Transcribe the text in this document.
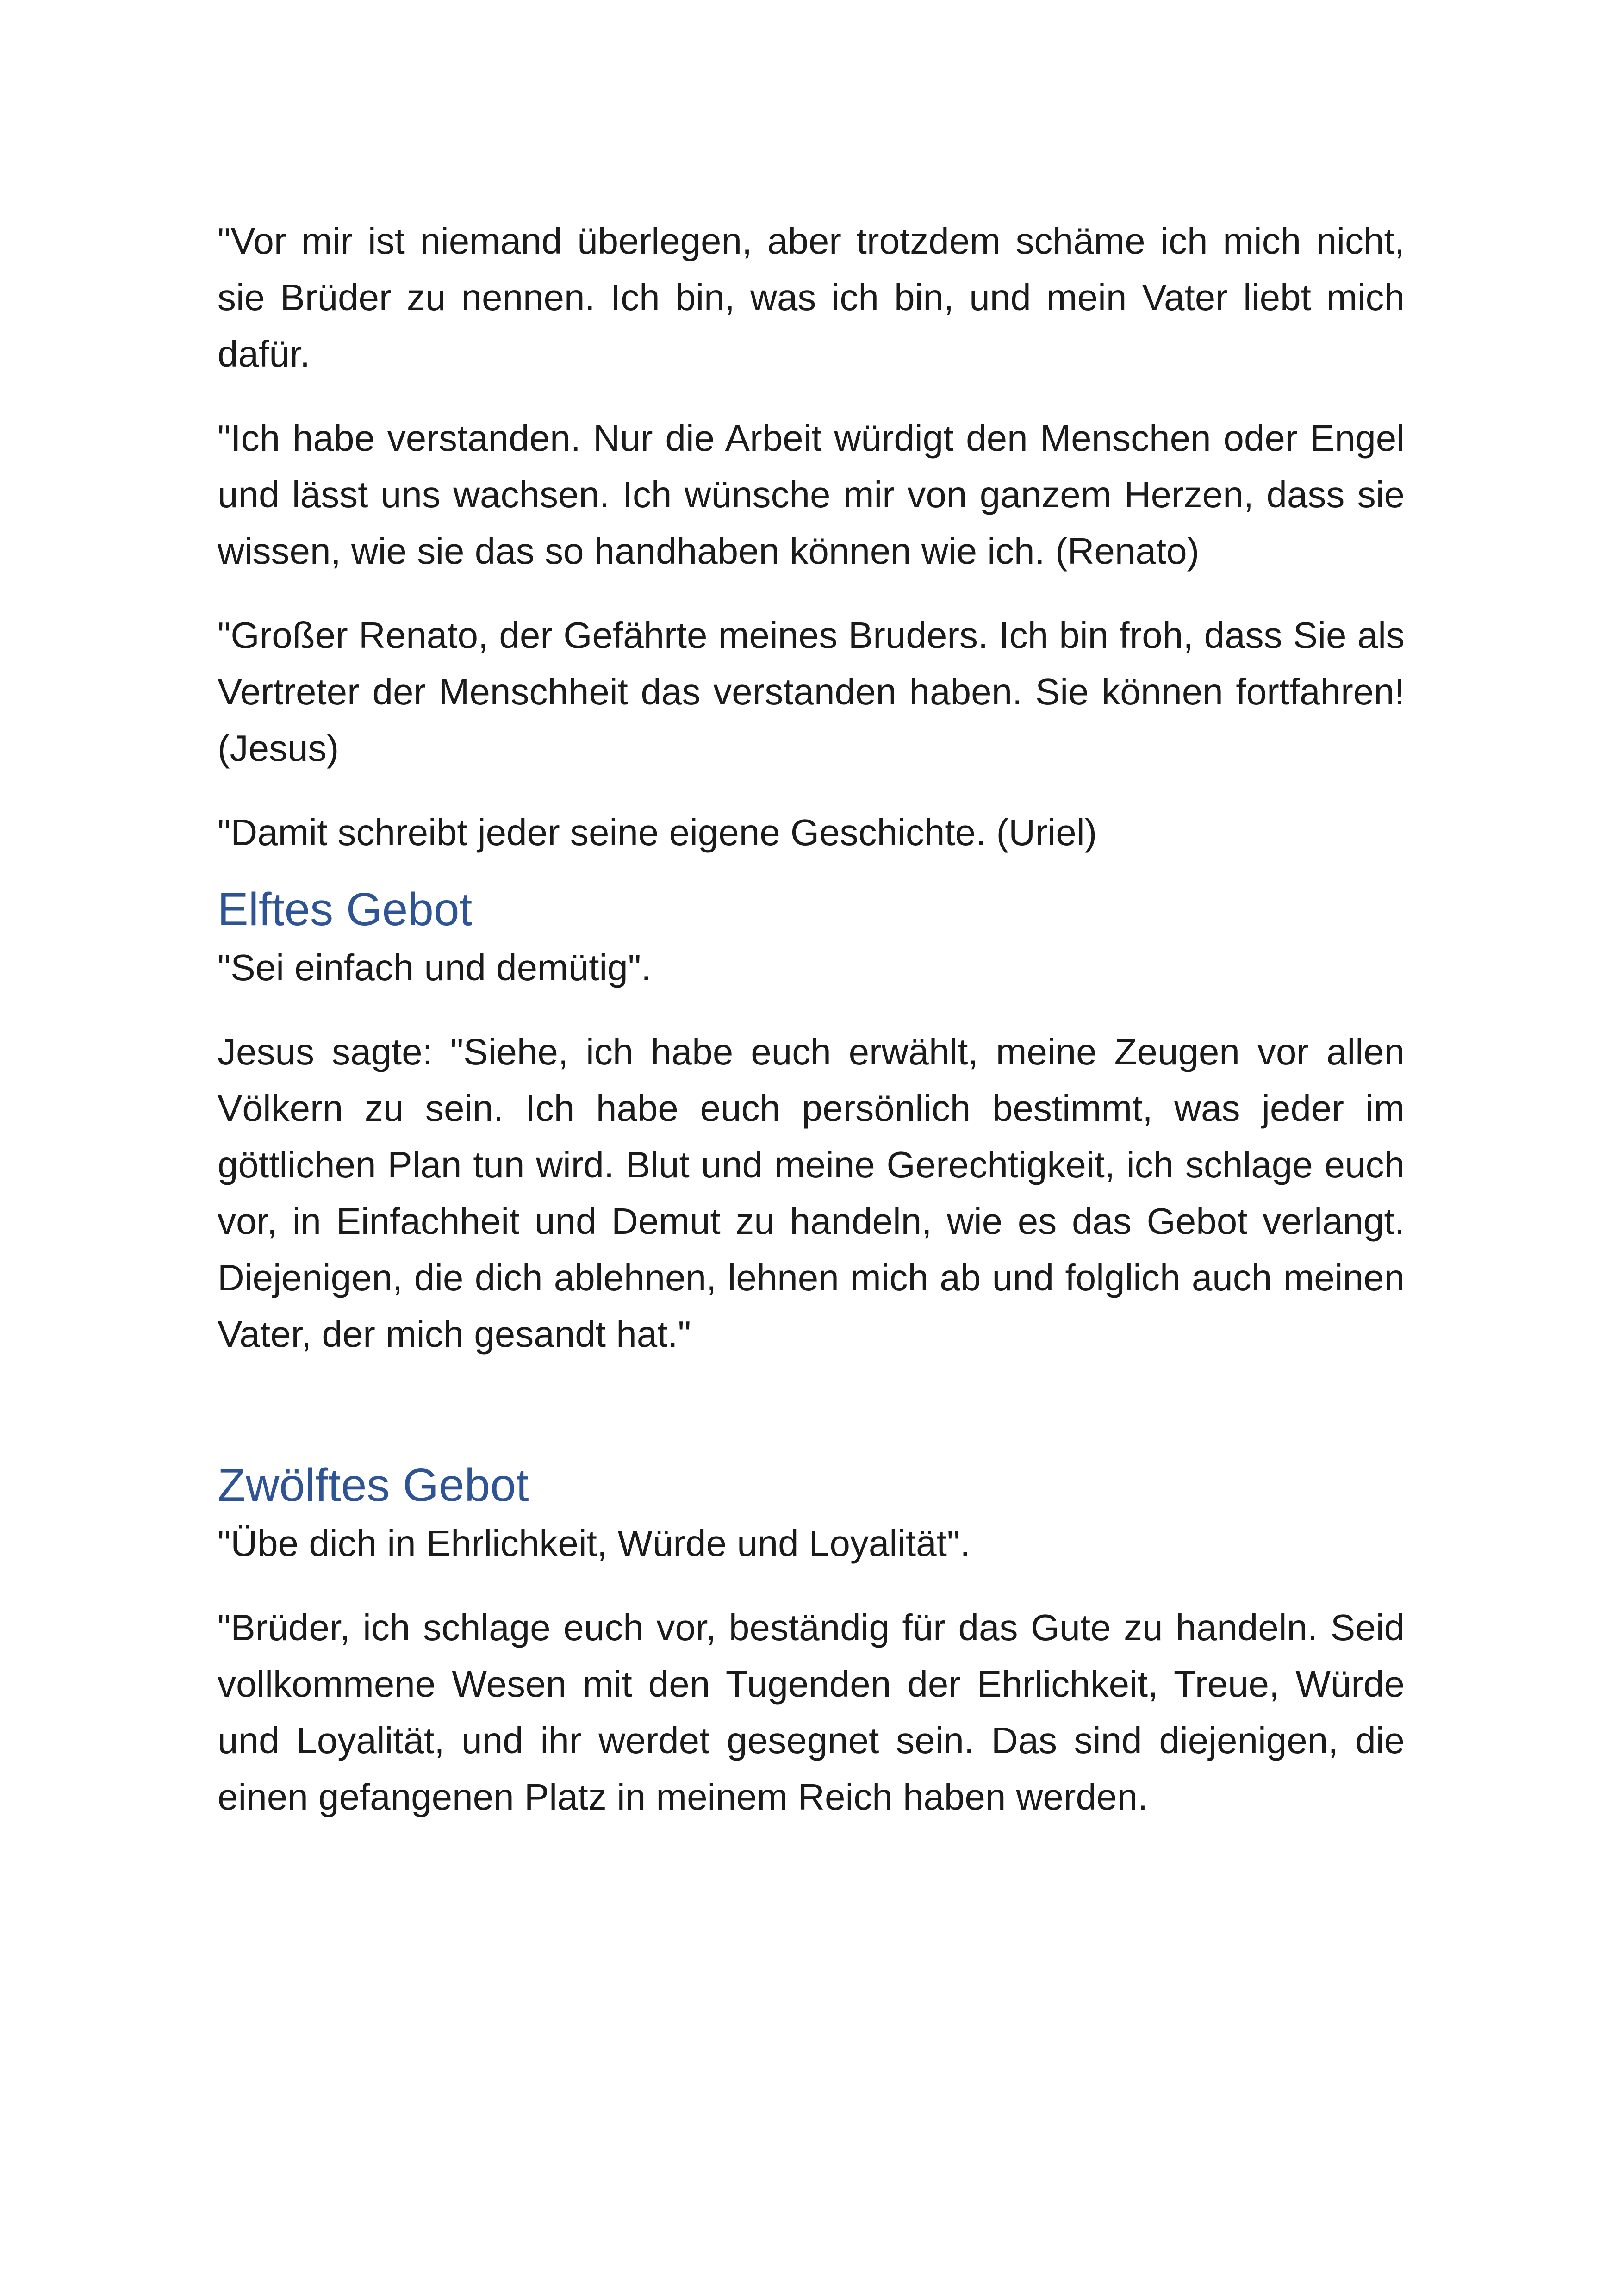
"Vor mir ist niemand überlegen, aber trotzdem schäme ich mich nicht, sie Brüder zu nennen. Ich bin, was ich bin, und mein Vater liebt mich dafür.

"Ich habe verstanden. Nur die Arbeit würdigt den Menschen oder Engel und lässt uns wachsen. Ich wünsche mir von ganzem Herzen, dass sie wissen, wie sie das so handhaben können wie ich. (Renato)

"Großer Renato, der Gefährte meines Bruders. Ich bin froh, dass Sie als Vertreter der Menschheit das verstanden haben. Sie können fortfahren! (Jesus)

"Damit schreibt jeder seine eigene Geschichte. (Uriel)

Elftes Gebot

"Sei einfach und demütig".

Jesus sagte: "Siehe, ich habe euch erwählt, meine Zeugen vor allen Völkern zu sein. Ich habe euch persönlich bestimmt, was jeder im göttlichen Plan tun wird. Blut und meine Gerechtigkeit, ich schlage euch vor, in Einfachheit und Demut zu handeln, wie es das Gebot verlangt. Diejenigen, die dich ablehnen, lehnen mich ab und folglich auch meinen Vater, der mich gesandt hat."

Zwölftes Gebot

"Übe dich in Ehrlichkeit, Würde und Loyalität".

"Brüder, ich schlage euch vor, beständig für das Gute zu handeln. Seid vollkommene Wesen mit den Tugenden der Ehrlichkeit, Treue, Würde und Loyalität, und ihr werdet gesegnet sein. Das sind diejenigen, die einen gefangenen Platz in meinem Reich haben werden.
